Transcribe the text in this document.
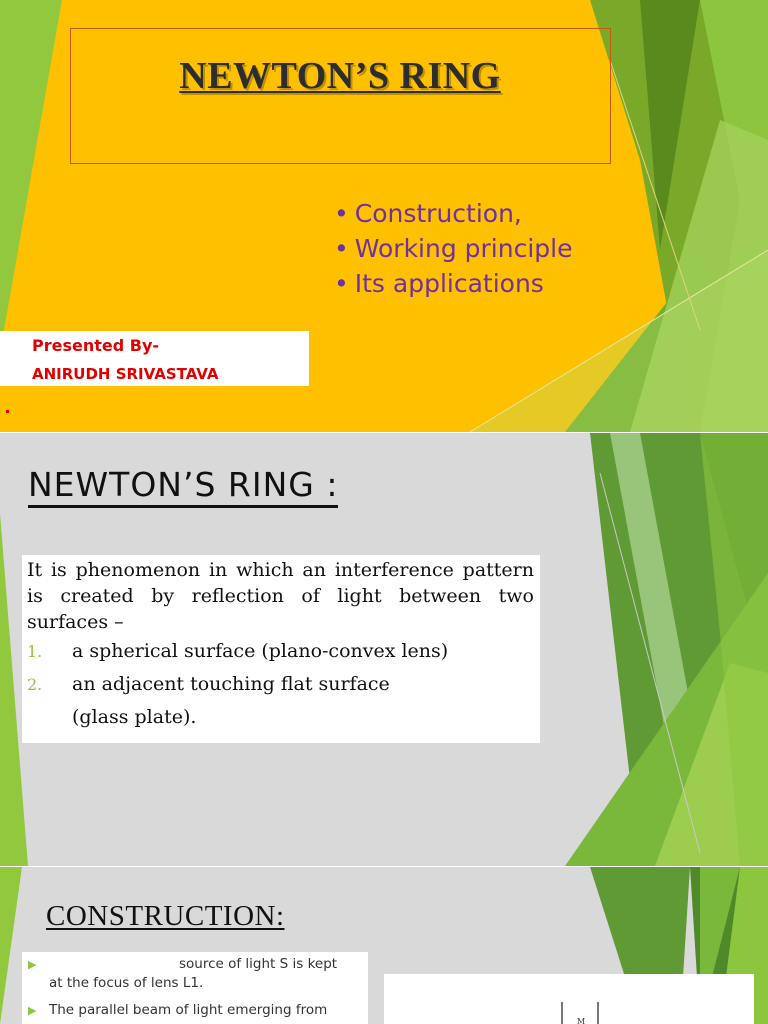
NEWTON’S RING
• Construction,
• Working principle
• Its applications
Presented By-
ANIRUDH SRIVASTAVA
NEWTON’S RING :
It is phenomenon in which an interference pattern is created by reflection of light between two surfaces –
1. a spherical surface (plano-convex lens)
2. an adjacent touching flat surface
(glass plate).
CONSTRUCTION:
▶	source of light S is kept
at the focus of lens L1.
▶ The parallel beam of light emerging from
M
